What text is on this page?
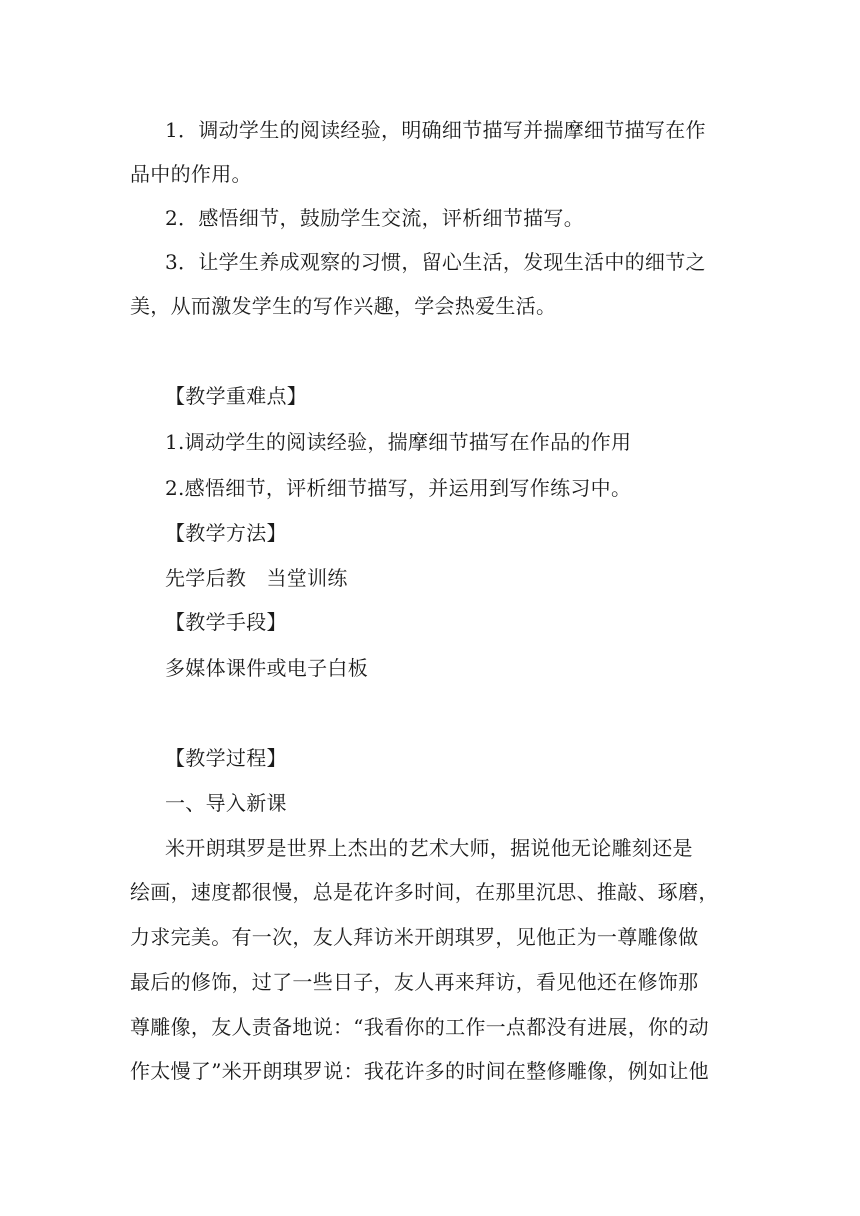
1．调动学生的阅读经验，明确细节描写并揣摩细节描写在作
品中的作用。
2．感悟细节，鼓励学生交流，评析细节描写。
3．让学生养成观察的习惯，留心生活，发现生活中的细节之
美，从而激发学生的写作兴趣，学会热爱生活。
【教学重难点】
1.调动学生的阅读经验，揣摩细节描写在作品的作用
2.感悟细节，评析细节描写，并运用到写作练习中。
【教学方法】
先学后教　当堂训练
【教学手段】
多媒体课件或电子白板
【教学过程】
一、导入新课
米开朗琪罗是世界上杰出的艺术大师，据说他无论雕刻还是
绘画，速度都很慢，总是花许多时间，在那里沉思、推敲、琢磨，
力求完美。有一次，友人拜访米开朗琪罗，见他正为一尊雕像做
最后的修饰，过了一些日子，友人再来拜访，看见他还在修饰那
尊雕像，友人责备地说：“我看你的工作一点都没有进展，你的动
作太慢了”米开朗琪罗说：我花许多的时间在整修雕像，例如让他
